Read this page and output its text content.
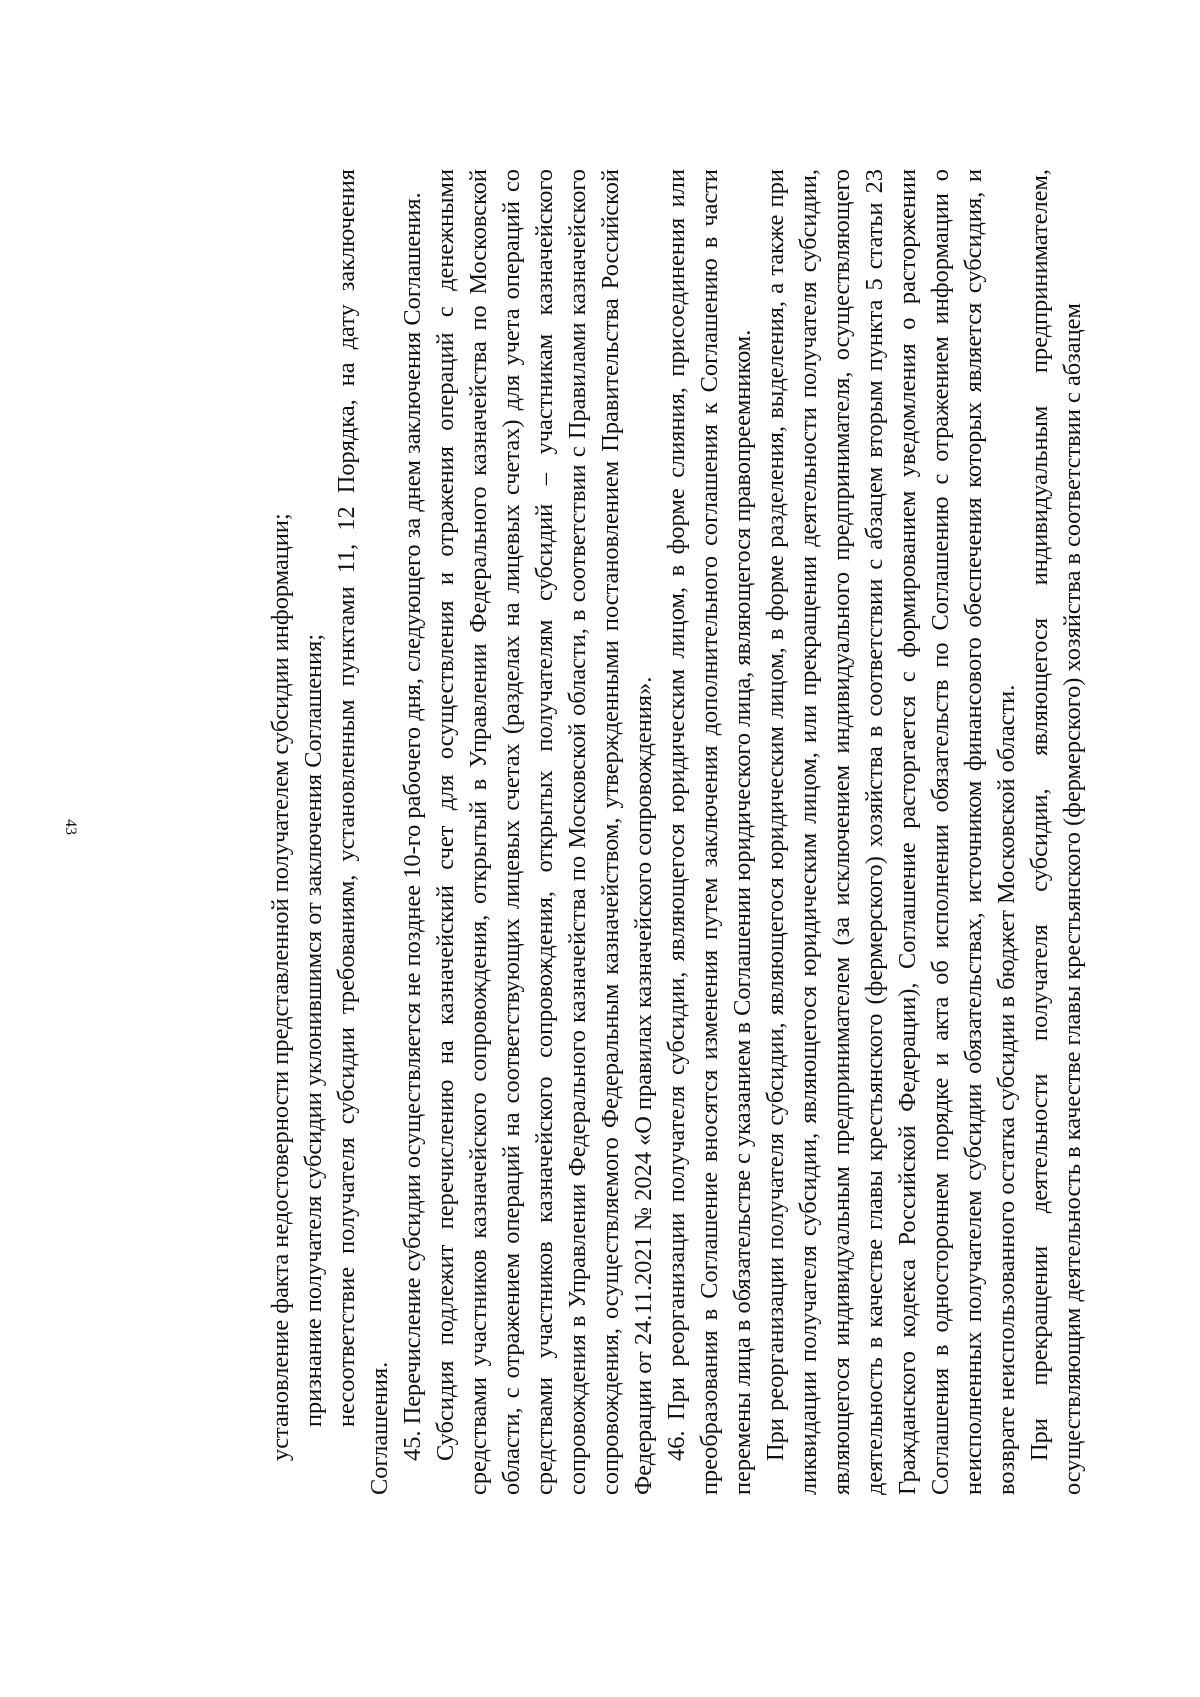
43	установление факта недостоверности представленной получателем субсидии информации; признание получателя субсидии уклонившимся от заключения Соглашения; несоответствие получателя субсидии требованиям, установленным пунктами 11, 12 Порядка, на дату заключения Соглашения. 45. Перечисление субсидии осуществляется не позднее 10-го рабочего дня, следующего за днем заключения Соглашения. Субсидия подлежит перечислению на казначейский счет для осуществления и отражения операций с денежными средствами участников казначейского сопровождения, открытый в Управлении Федерального казначейства по Московской области, с отражением операций на соответствующих лицевых счетах (разделах на лицевых счетах) для учета операций со средствами участников казначейского сопровождения, открытых получателям субсидий – участникам казначейского сопровождения в Управлении Федерального казначейства по Московской области, в соответствии с Правилами казначейского сопровождения, осуществляемого Федеральным казначейством, утвержденными постановлением Правительства Российской Федерации от 24.11.2021 № 2024 «О правилах казначейского сопровождения». 46. При реорганизации получателя субсидии, являющегося юридическим лицом, в форме слияния, присоединения или преобразования в Соглашение вносятся изменения путем заключения дополнительного соглашения к Соглашению в части перемены лица в обязательстве с указанием в Соглашении юридического лица, являющегося правопреемником. При реорганизации получателя субсидии, являющегося юридическим лицом, в форме разделения, выделения, а также при ликвидации получателя субсидии, являющегося юридическим лицом, или прекращении деятельности получателя субсидии, являющегося индивидуальным предпринимателем (за исключением индивидуального предпринимателя, осуществляющего деятельность в качестве главы крестьянского (фермерского) хозяйства в соответствии с абзацем вторым пункта 5 статьи 23 Гражданского кодекса Российской Федерации), Соглашение расторгается с формированием уведомления о расторжении Соглашения в одностороннем порядке и акта об исполнении обязательств по Соглашению с отражением информации о неисполненных получателем субсидии обязательствах, источником финансового обеспечения которых является субсидия, и возврате неиспользованного остатка субсидии в бюджет Московской области. При прекращении деятельности получателя субсидии, являющегося индивидуальным предпринимателем, осуществляющим деятельность в качестве главы крестьянского (фермерского) хозяйства в соответствии с абзацем
